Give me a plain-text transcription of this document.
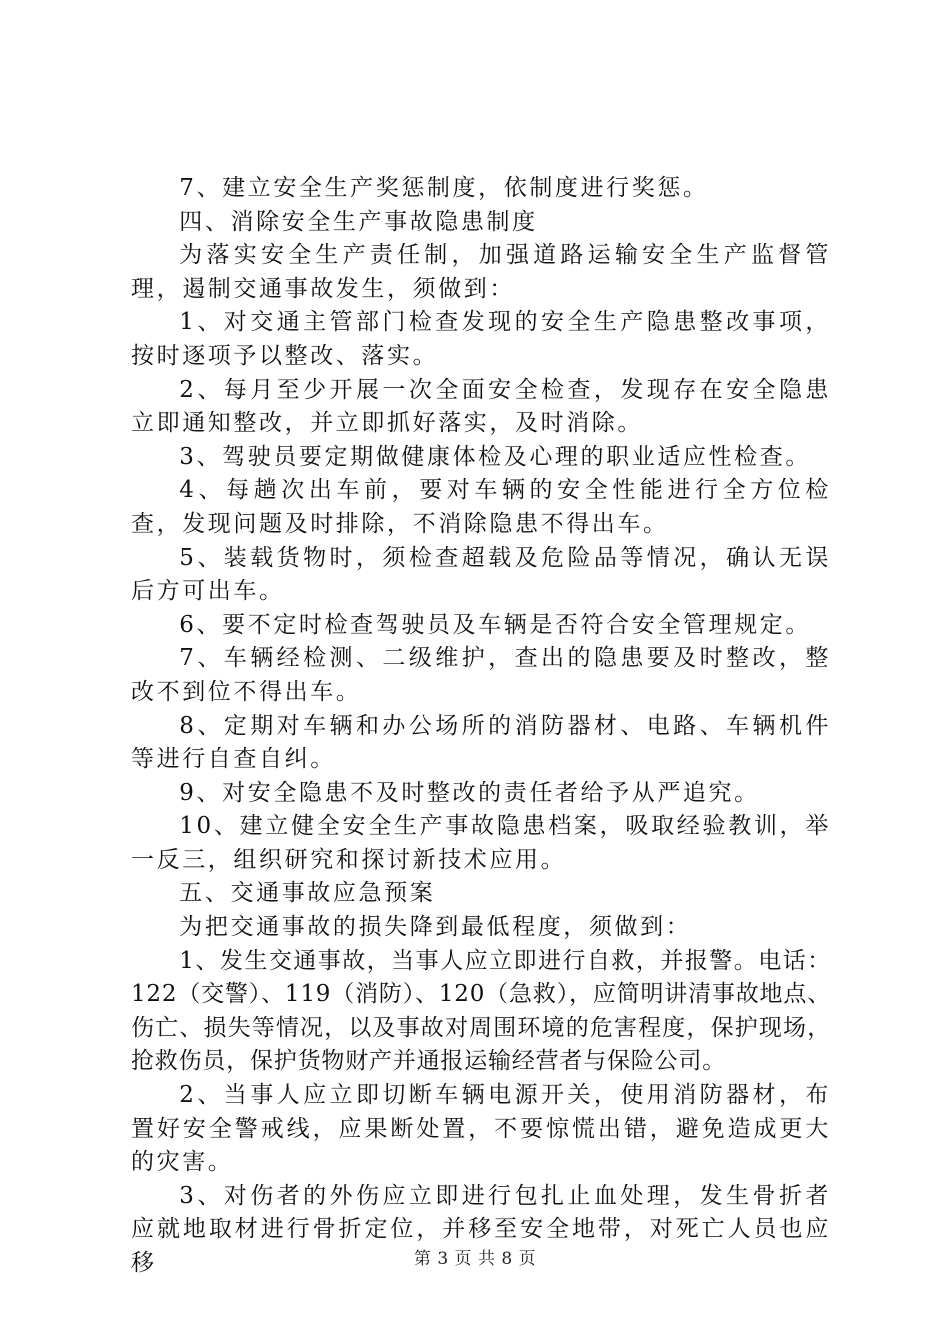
7、建立安全生产奖惩制度，依制度进行奖惩。

四、消除安全生产事故隐患制度

为落实安全生产责任制，加强道路运输安全生产监督管理，遏制交通事故发生，须做到：

1、对交通主管部门检查发现的安全生产隐患整改事项，按时逐项予以整改、落实。

2、每月至少开展一次全面安全检查，发现存在安全隐患立即通知整改，并立即抓好落实，及时消除。

3、驾驶员要定期做健康体检及心理的职业适应性检查。

4、每趟次出车前，要对车辆的安全性能进行全方位检查，发现问题及时排除，不消除隐患不得出车。

5、装载货物时，须检查超载及危险品等情况，确认无误后方可出车。

6、要不定时检查驾驶员及车辆是否符合安全管理规定。

7、车辆经检测、二级维护，查出的隐患要及时整改，整改不到位不得出车。

8、定期对车辆和办公场所的消防器材、电路、车辆机件等进行自查自纠。

9、对安全隐患不及时整改的责任者给予从严追究。

10、建立健全安全生产事故隐患档案，吸取经验教训，举一反三，组织研究和探讨新技术应用。

五、交通事故应急预案

为把交通事故的损失降到最低程度，须做到：

1、发生交通事故，当事人应立即进行自救，并报警。电话：122（交警）、119（消防）、120（急救），应简明讲清事故地点、伤亡、损失等情况，以及事故对周围环境的危害程度，保护现场，抢救伤员，保护货物财产并通报运输经营者与保险公司。

2、当事人应立即切断车辆电源开关，使用消防器材，布置好安全警戒线，应果断处置，不要惊慌出错，避免造成更大的灾害。

3、对伤者的外伤应立即进行包扎止血处理，发生骨折者应就地取材进行骨折定位，并移至安全地带，对死亡人员也应移	第 3 页 共 8 页
